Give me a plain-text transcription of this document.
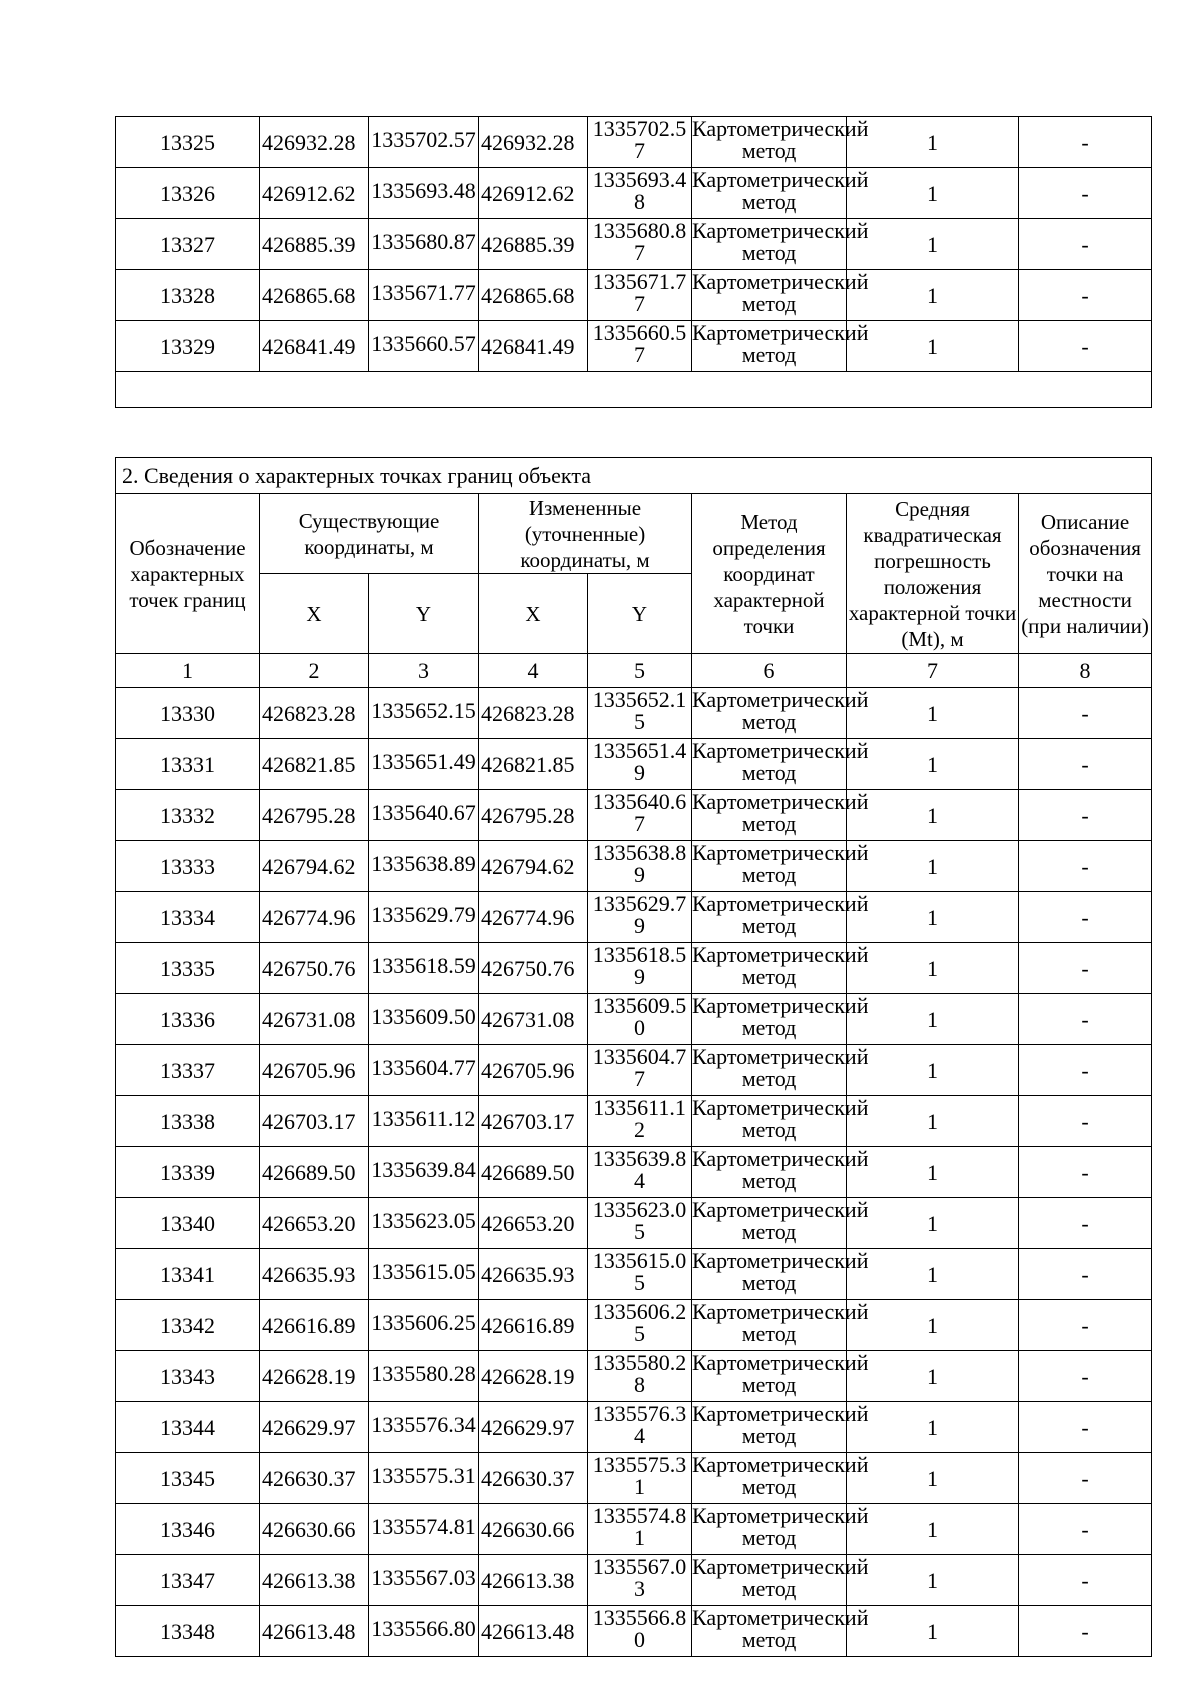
13325	426932.28	1335702.57	426932.28	1335702.57	Картометрический метод	1	-
13326	426912.62	1335693.48	426912.62	1335693.48	Картометрический метод	1	-
13327	426885.39	1335680.87	426885.39	1335680.87	Картометрический метод	1	-
13328	426865.68	1335671.77	426865.68	1335671.77	Картометрический метод	1	-
13329	426841.49	1335660.57	426841.49	1335660.57	Картометрический метод	1	-

2. Сведения о характерных точках границ объекта							
Обозначение характерных точек границ	Существующие координаты, м		Измененные (уточненные) координаты, м		Метод определения координат характерной точки	Средняя квадратическая погрешность положения характерной точки (Mt), м	Описание обозначения точки на местности (при наличии)
	X	Y	X	Y			
1	2	3	4	5	6	7	8
13330	426823.28	1335652.15	426823.28	1335652.15	Картометрический метод	1	-
13331	426821.85	1335651.49	426821.85	1335651.49	Картометрический метод	1	-
13332	426795.28	1335640.67	426795.28	1335640.67	Картометрический метод	1	-
13333	426794.62	1335638.89	426794.62	1335638.89	Картометрический метод	1	-
13334	426774.96	1335629.79	426774.96	1335629.79	Картометрический метод	1	-
13335	426750.76	1335618.59	426750.76	1335618.59	Картометрический метод	1	-
13336	426731.08	1335609.50	426731.08	1335609.50	Картометрический метод	1	-
13337	426705.96	1335604.77	426705.96	1335604.77	Картометрический метод	1	-
13338	426703.17	1335611.12	426703.17	1335611.12	Картометрический метод	1	-
13339	426689.50	1335639.84	426689.50	1335639.84	Картометрический метод	1	-
13340	426653.20	1335623.05	426653.20	1335623.05	Картометрический метод	1	-
13341	426635.93	1335615.05	426635.93	1335615.05	Картометрический метод	1	-
13342	426616.89	1335606.25	426616.89	1335606.25	Картометрический метод	1	-
13343	426628.19	1335580.28	426628.19	1335580.28	Картометрический метод	1	-
13344	426629.97	1335576.34	426629.97	1335576.34	Картометрический метод	1	-
13345	426630.37	1335575.31	426630.37	1335575.31	Картометрический метод	1	-
13346	426630.66	1335574.81	426630.66	1335574.81	Картометрический метод	1	-
13347	426613.38	1335567.03	426613.38	1335567.03	Картометрический метод	1	-
13348	426613.48	1335566.80	426613.48	1335566.80	Картометрический метод	1	-
